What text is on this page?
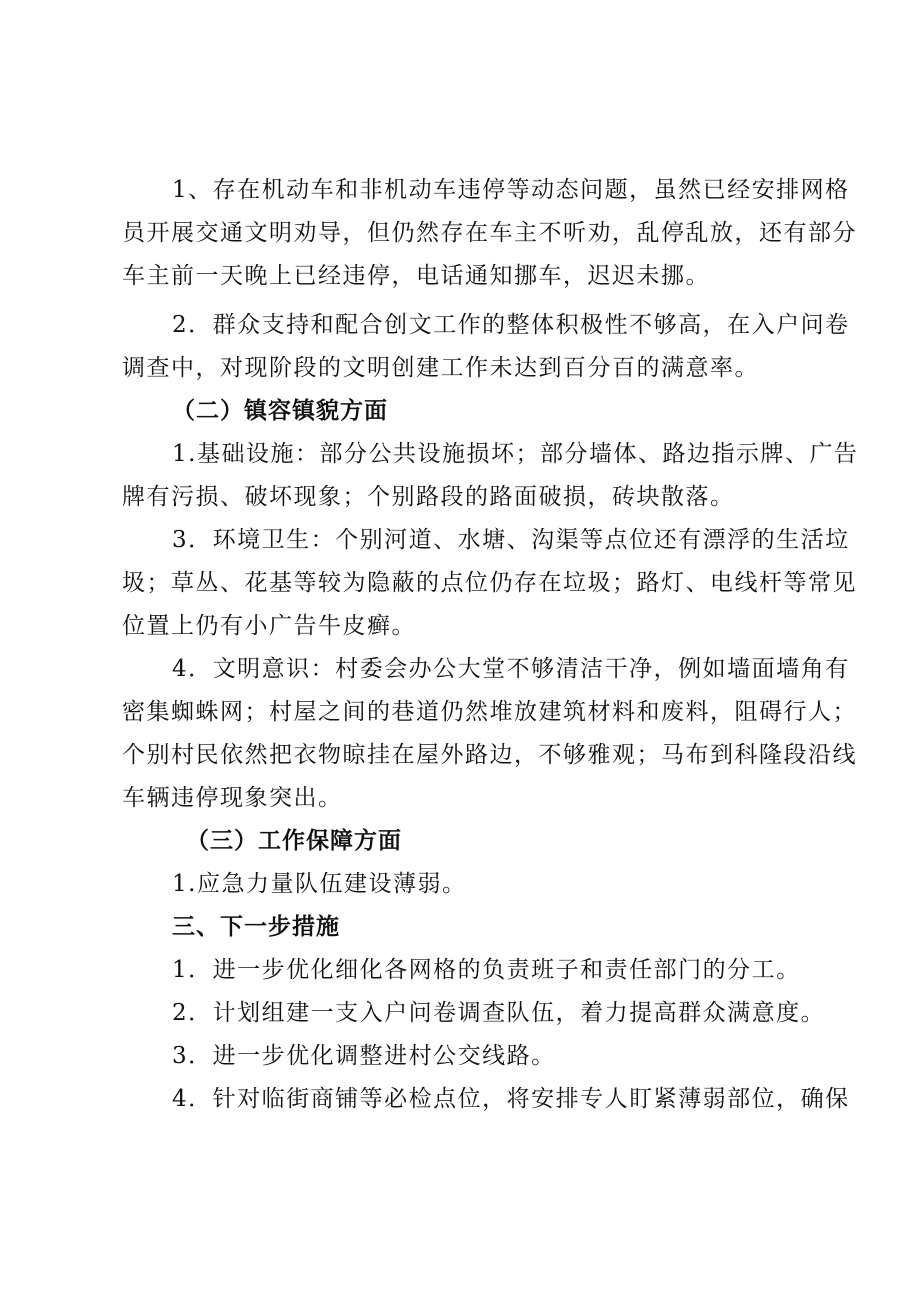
1、存在机动车和非机动车违停等动态问题，虽然已经安排网格
员开展交通文明劝导，但仍然存在车主不听劝，乱停乱放，还有部分
车主前一天晚上已经违停，电话通知挪车，迟迟未挪。
2．群众支持和配合创文工作的整体积极性不够高，在入户问卷
调查中，对现阶段的文明创建工作未达到百分百的满意率。
（二）镇容镇貌方面
1.基础设施：部分公共设施损坏；部分墙体、路边指示牌、广告
牌有污损、破坏现象；个别路段的路面破损，砖块散落。
3．环境卫生：个别河道、水塘、沟渠等点位还有漂浮的生活垃
圾；草丛、花基等较为隐蔽的点位仍存在垃圾；路灯、电线杆等常见
位置上仍有小广告牛皮癣。
4．文明意识：村委会办公大堂不够清洁干净，例如墙面墙角有
密集蜘蛛网；村屋之间的巷道仍然堆放建筑材料和废料，阻碍行人；
个别村民依然把衣物晾挂在屋外路边，不够雅观；马布到科隆段沿线
车辆违停现象突出。
（三）工作保障方面
1.应急力量队伍建设薄弱。
三、下一步措施
1．进一步优化细化各网格的负责班子和责任部门的分工。
2．计划组建一支入户问卷调查队伍，着力提高群众满意度。
3．进一步优化调整进村公交线路。
4．针对临街商铺等必检点位，将安排专人盯紧薄弱部位，确保
